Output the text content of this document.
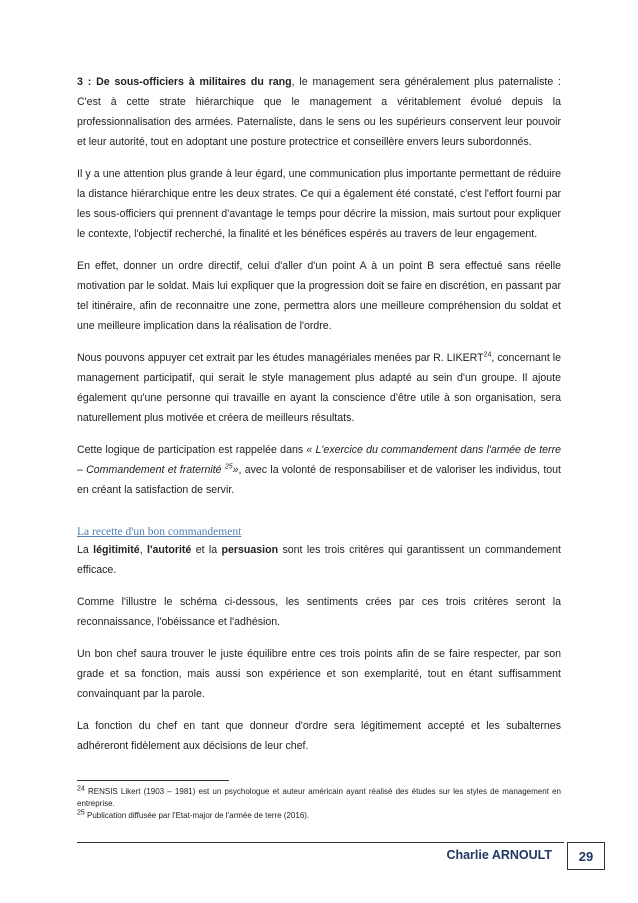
3 : De sous-officiers à militaires du rang, le management sera généralement plus paternaliste : C'est à cette strate hiérarchique que le management a véritablement évolué depuis la professionnalisation des armées. Paternaliste, dans le sens ou les supérieurs conservent leur pouvoir et leur autorité, tout en adoptant une posture protectrice et conseillère envers leurs subordonnés.

Il y a une attention plus grande à leur égard, une communication plus importante permettant de réduire la distance hiérarchique entre les deux strates. Ce qui a également été constaté, c'est l'effort fourni par les sous-officiers qui prennent d'avantage le temps pour décrire la mission, mais surtout pour expliquer le contexte, l'objectif recherché, la finalité et les bénéfices espérés au travers de leur engagement.

En effet, donner un ordre directif, celui d'aller d'un point A à un point B sera effectué sans réelle motivation par le soldat. Mais lui expliquer que la progression doit se faire en discrétion, en passant par tel itinéraire, afin de reconnaitre une zone, permettra alors une meilleure compréhension du soldat et une meilleure implication dans la réalisation de l'ordre.

Nous pouvons appuyer cet extrait par les études managériales menées par R. LIKERT$^{24}$, concernant le management participatif, qui serait le style management plus adapté au sein d'un groupe. Il ajoute également qu'une personne qui travaille en ayant la conscience d'être utile à son organisation, sera naturellement plus motivée et créera de meilleurs résultats.

Cette logique de participation est rappelée dans « L'exercice du commandement dans l'armée de terre – Commandement et fraternité $^{25}$», avec la volonté de responsabiliser et de valoriser les individus, tout en créant la satisfaction de servir.

La recette d'un bon commandement

La légitimité, l'autorité et la persuasion sont les trois critères qui garantissent un commandement efficace.

Comme l'illustre le schéma ci-dessous, les sentiments crées par ces trois critères seront la reconnaissance, l'obéissance et l'adhésion.

Un bon chef saura trouver le juste équilibre entre ces trois points afin de se faire respecter, par son grade et sa fonction, mais aussi son expérience et son exemplarité, tout en étant suffisamment convainquant par la parole.

La fonction du chef en tant que donneur d'ordre sera légitimement accepté et les subalternes adhéreront fidèlement aux décisions de leur chef.

$^{24}$ RENSIS Likert (1903 – 1981) est un psychologue et auteur américain ayant réalisé des études sur les styles de management en entreprise.

$^{25}$ Publication diffusée par l'Etat-major de l'armée de terre (2016).

Charlie ARNOULT	29
